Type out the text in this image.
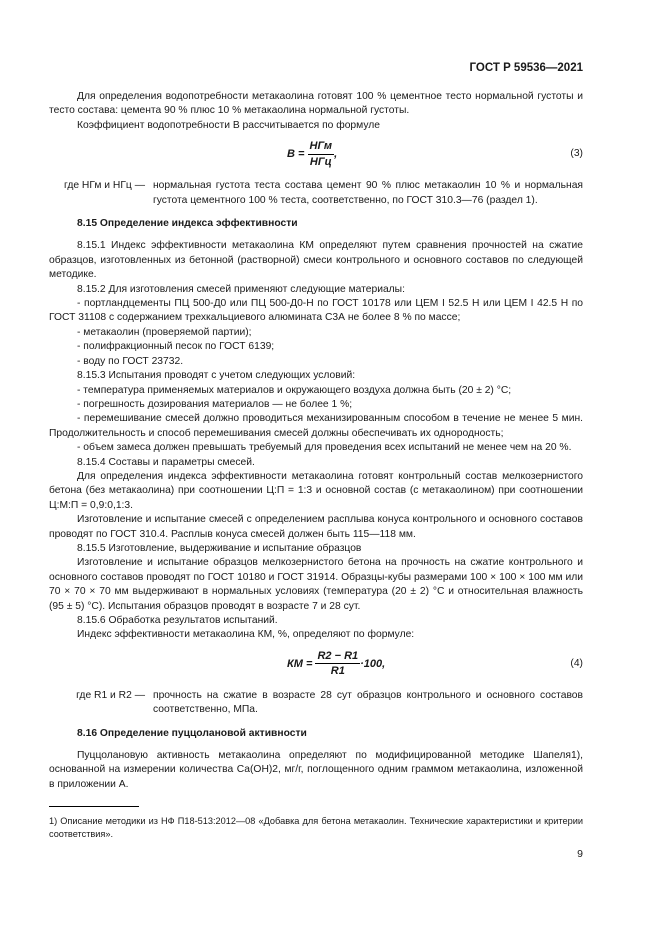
ГОСТ Р 59536—2021

Для определения водопотребности метакаолина готовят 100 % цементное тесто нормальной густоты и тесто состава: цемента 90 % плюс 10 % метакаолина нормальной густоты.

Коэффициент водопотребности В рассчитывается по формуле

$В = \frac{\text{НГм}}{\text{НГц}}$ ,	(3)
где НГм и НГц — нормальная густота теста состава цемент 90 % плюс метакаолин 10 % и нормальная густота цементного 100 % теста, соответственно, по ГОСТ 310.3—76 (раздел 1).

8.15 Определение индекса эффективности

8.15.1 Индекс эффективности метакаолина КМ определяют путем сравнения прочностей на сжатие образцов, изготовленных из бетонной (растворной) смеси контрольного и основного составов по следующей методике.

8.15.2 Для изготовления смесей применяют следующие материалы:

- портландцементы ПЦ 500-Д0 или ПЦ 500-Д0-Н по ГОСТ 10178 или ЦЕМ I 52.5 Н или ЦЕМ I 42.5 Н по ГОСТ 31108 с содержанием трехкальциевого алюмината С3А не более 8 % по массе;

- метакаолин (проверяемой партии);

- полифракционный песок по ГОСТ 6139;

- воду по ГОСТ 23732.

8.15.3 Испытания проводят с учетом следующих условий:

- температура применяемых материалов и окружающего воздуха должна быть (20 ± 2) °С;

- погрешность дозирования материалов — не более 1 %;

- перемешивание смесей должно проводиться механизированным способом в течение не менее 5 мин. Продолжительность и способ перемешивания смесей должны обеспечивать их однородность;

- объем замеса должен превышать требуемый для проведения всех испытаний не менее чем на 20 %.

8.15.4 Составы и параметры смесей.

Для определения индекса эффективности метакаолина готовят контрольный состав мелкозернистого бетона (без метакаолина) при соотношении Ц:П = 1:3 и основной состав (с метакаолином) при соотношении Ц:М:П = 0,9:0,1:3.

Изготовление и испытание смесей с определением расплыва конуса контрольного и основного составов проводят по ГОСТ 310.4. Расплыв конуса смесей должен быть 115—118 мм.

8.15.5 Изготовление, выдерживание и испытание образцов

Изготовление и испытание образцов мелкозернистого бетона на прочность на сжатие контрольного и основного составов проводят по ГОСТ 10180 и ГОСТ 31914. Образцы-кубы размерами 100 × 100 × 100 мм или 70 × 70 × 70 мм выдерживают в нормальных условиях (температура (20 ± 2) °С и относительная влажность (95 ± 5) °С). Испытания образцов проводят в возрасте 7 и 28 сут.

8.15.6 Обработка результатов испытаний.

Индекс эффективности метакаолина КМ, %, определяют по формуле:

КМ = $\frac{R2 - R1}{R1} \cdot 100$,	(4)
где R1 и R2 — прочность на сжатие в возрасте 28 сут образцов контрольного и основного составов соответственно, МПа.

8.16 Определение пуццолановой активности

Пуццолановую активность метакаолина определяют по модифицированной методике Шапеля1), основанной на измерении количества Са(ОН)2, мг/г, поглощенного одним граммом метакаолина, изложенной в приложении А.

1) Описание методики из НФ П18-513:2012—08 «Добавка для бетона метакаолин. Технические характеристики и критерии соответствия».
9
